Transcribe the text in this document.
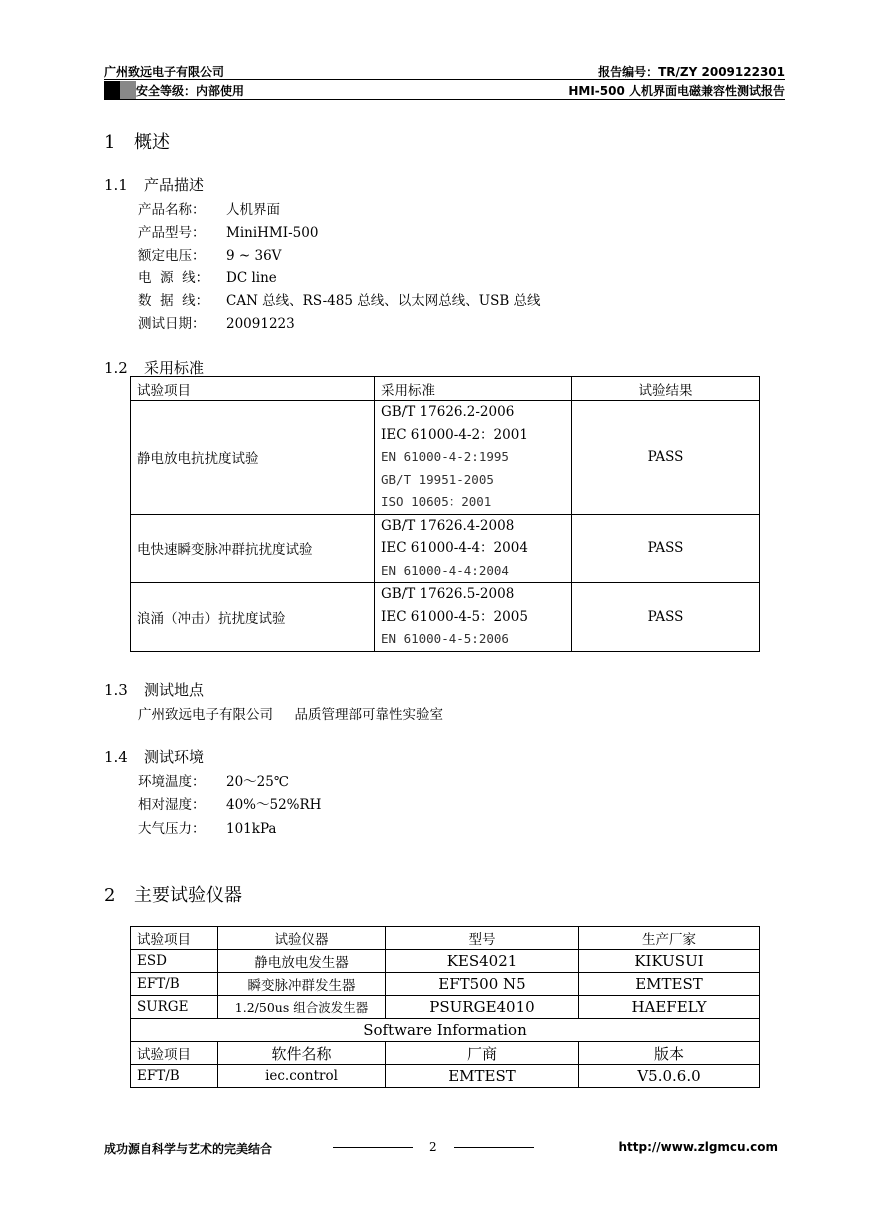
广州致远电子有限公司	报告编号：TR/ZY 2009122301
安全等级：内部使用	HMI-500 人机界面电磁兼容性测试报告
1 概述
1.1 产品描述
产品名称： 人机界面
产品型号： MiniHMI-500
额定电压： 9 ~ 36V
电  源  线： DC line
数  据  线： CAN 总线、RS-485 总线、以太网总线、USB 总线
测试日期： 20091223
1.2 采用标准
试验项目	采用标准	试验结果
静电放电抗扰度试验	GB/T 17626.2-2006
IEC 61000-4-2：2001
EN 61000-4-2:1995
GB/T 19951-2005
ISO 10605：2001	PASS
电快速瞬变脉冲群抗扰度试验	GB/T 17626.4-2008
IEC 61000-4-4：2004
EN 61000-4-4:2004	PASS
浪涌（冲击）抗扰度试验	GB/T 17626.5-2008
IEC 61000-4-5：2005
EN 61000-4-5:2006	PASS
1.3 测试地点
广州致远电子有限公司     品质管理部可靠性实验室
1.4 测试环境
环境温度： 20～25℃
相对湿度： 40%～52%RH
大气压力： 101kPa
2 主要试验仪器
试验项目	试验仪器	型号	生产厂家
ESD	静电放电发生器	KES4021	KIKUSUI
EFT/B	瞬变脉冲群发生器	EFT500 N5	EMTEST
SURGE	1.2/50us 组合波发生器	PSURGE4010	HAEFELY
Software Information			
试验项目	软件名称	厂商	版本
EFT/B	iec.control	EMTEST	V5.0.6.0
成功源自科学与艺术的完美结合	2	http://www.zlgmcu.com
